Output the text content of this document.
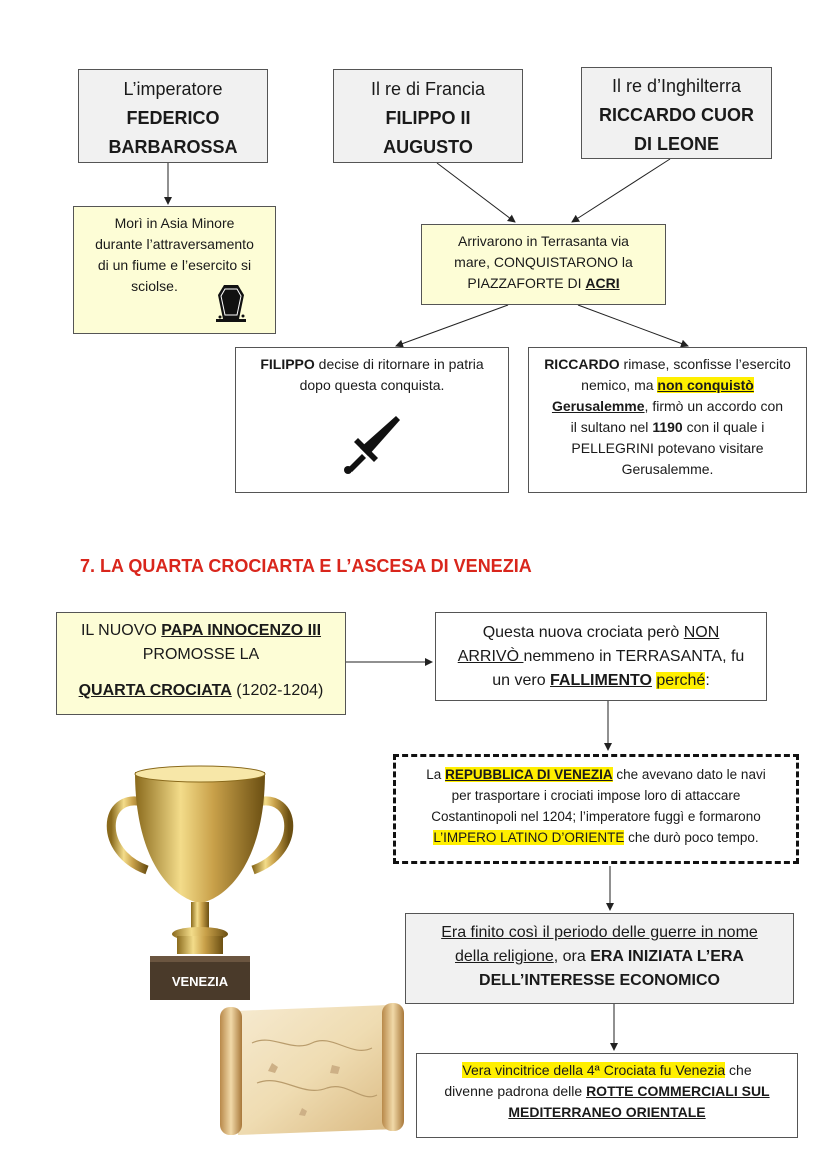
L’imperatore
FEDERICO
BARBAROSSA
Il re di Francia
FILIPPO II
AUGUSTO
Il re d’Inghilterra
RICCARDO CUOR
DI LEONE
Morì in Asia Minore
durante l’attraversamento
di un fiume e l’esercito si
sciolse.
Arrivarono in Terrasanta via
mare, CONQUISTARONO la
PIAZZAFORTE DI ACRI
FILIPPO decise di ritornare in patria
dopo questa conquista.
RICCARDO rimase, sconfisse l’esercito
nemico, ma non conquistò
Gerusalemme, firmò un accordo con
il sultano nel 1190 con il quale i
PELLEGRINI potevano visitare
Gerusalemme.
7. LA QUARTA CROCIARTA E L’ASCESA DI VENEZIA
IL NUOVO PAPA INNOCENZO III
PROMOSSE LA
QUARTA CROCIATA (1202-1204)
Questa nuova crociata però NON
ARRIVÒ nemmeno in TERRASANTA, fu
un vero FALLIMENTO perché:
La REPUBBLICA DI VENEZIA che avevano dato le navi
per trasportare i crociati impose loro di attaccare
Costantinopoli nel 1204; l’imperatore fuggì e formarono
L’IMPERO LATINO D’ORIENTE che durò poco tempo.
Era finito così il periodo delle guerre in nome
della religione, ora ERA INIZIATA L’ERA
DELL’INTERESSE ECONOMICO
Vera vincitrice della 4ª Crociata fu Venezia che
divenne padrona delle ROTTE COMMERCIALI SUL
MEDITERRANEO ORIENTALE
VENEZIA
